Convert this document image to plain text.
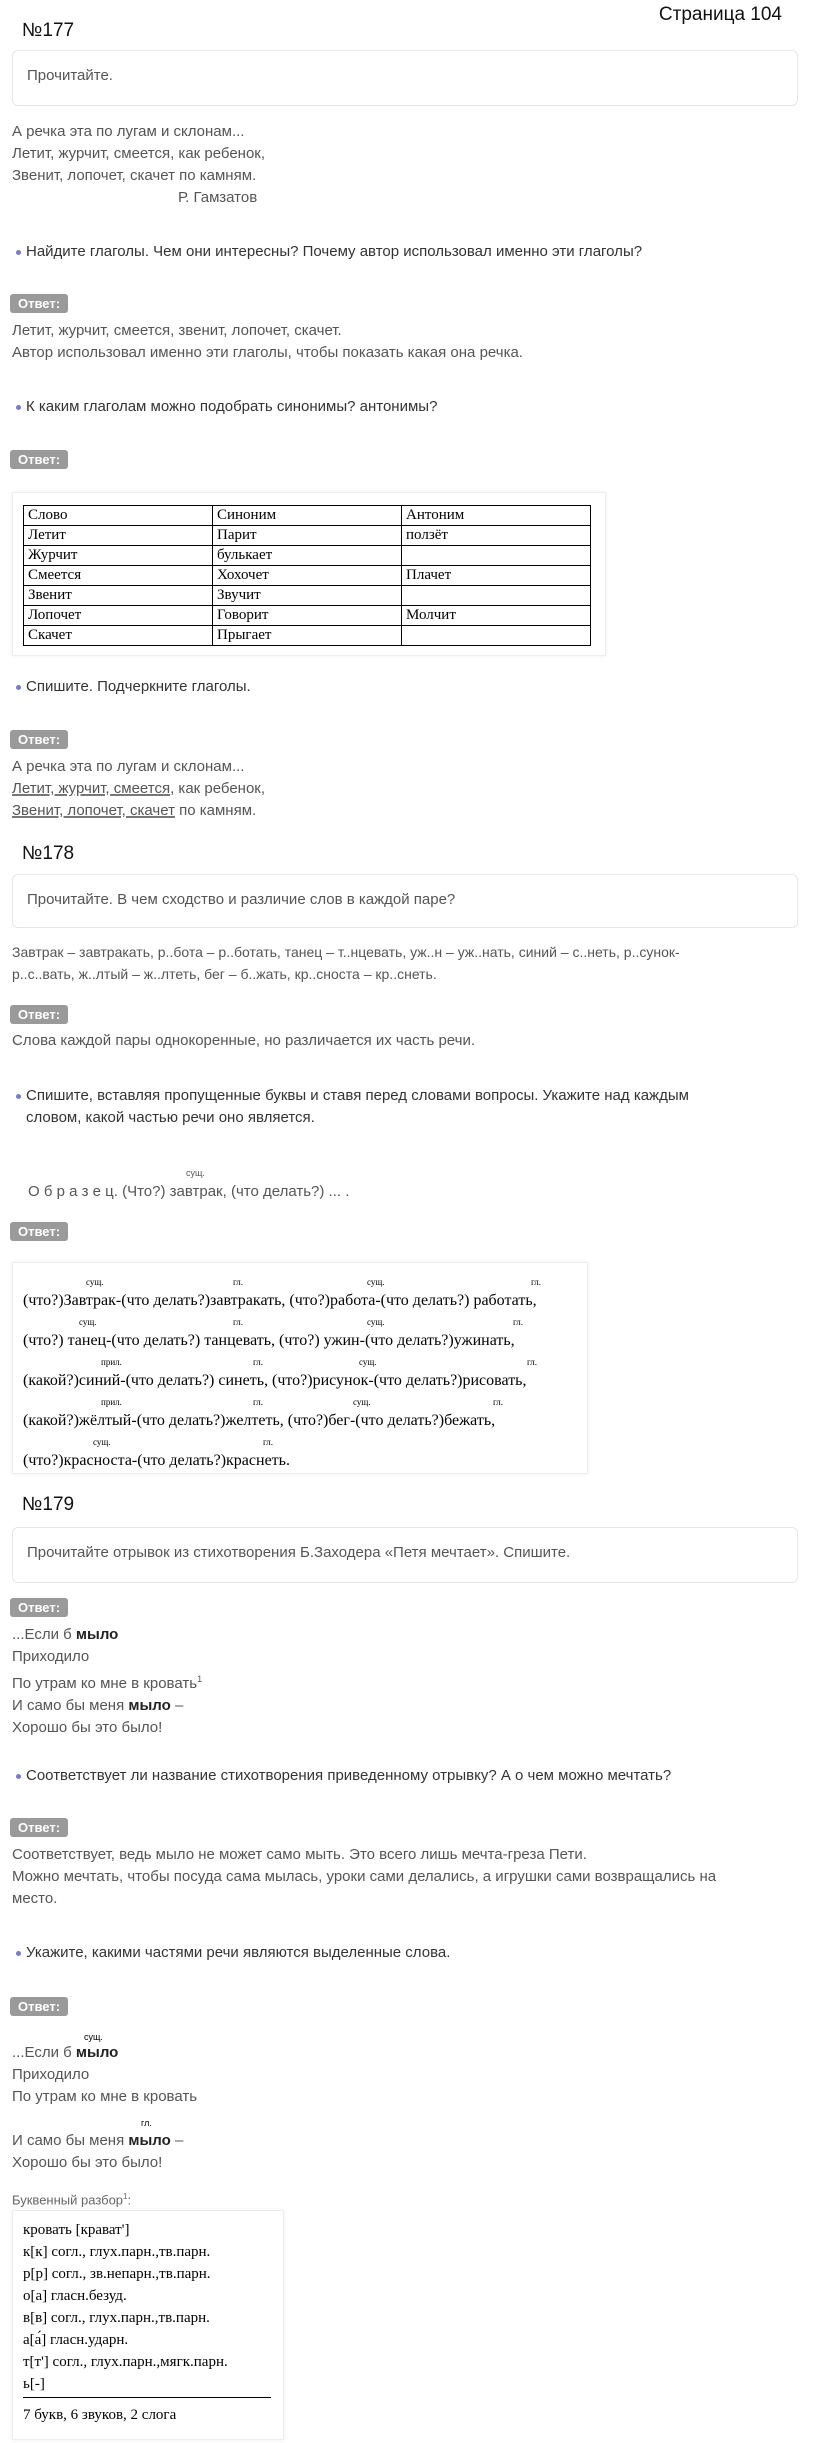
Страница 104
№177
Прочитайте.
А речка эта по лугам и склонам...
Летит, журчит, смеется, как ребенок,
Звенит, лопочет, скачет по камням.
Р. Гамзатов
Найдите глаголы. Чем они интересны? Почему автор использовал именно эти глаголы?
Ответ:
Летит, журчит, смеется, звенит, лопочет, скачет.
Автор использовал именно эти глаголы, чтобы показать какая она речка.
К каким глаголам можно подобрать синонимы? антонимы?
Ответ:
Слово	Синоним	Антоним
Летит	Парит	ползёт
Журчит	булькает	
Смеется	Хохочет	Плачет
Звенит	Звучит	
Лопочет	Говорит	Молчит
Скачет	Прыгает	
Спишите. Подчеркните глаголы.
Ответ:
А речка эта по лугам и склонам...
Летит, журчит, смеется, как ребенок,
Звенит, лопочет, скачет по камням.
№178
Прочитайте. В чем сходство и различие слов в каждой паре?
Завтрак – завтракать, р..бота – р..ботать, танец – т..нцевать, уж..н – уж..нать, синий – с..неть, р..сунок-
р..с..вать, ж..лтый – ж..лтеть, бег – б..жать, кр..сноста – кр..снеть.
Ответ:
Слова каждой пары однокоренные, но различается их часть речи.
Спишите, вставляя пропущенные буквы и ставя перед словами вопросы. Укажите над каждым
словом, какой частью речи оно является.
сущ.
О б р а з е ц. (Что?) завтрак, (что делать?) ... .
Ответ:
(что?)Завтрак-(что делать?)завтракать, (что?)работа-(что делать?) работать,
(что?) танец-(что делать?) танцевать, (что?) ужин-(что делать?)ужинать,
(какой?)синий-(что делать?) синеть, (что?)рисунок-(что делать?)рисовать,
(какой?)жёлтый-(что делать?)желтеть, (что?)бег-(что делать?)бежать,
(что?)красноста-(что делать?)краснеть.
сущ.	гл.	сущ.	гл.
сущ.	гл.	сущ.	гл.
прил.	гл.	сущ.	гл.
прил.	гл.	сущ.	гл.
сущ.	гл.
№179
Прочитайте отрывок из стихотворения Б.Заходера «Петя мечтает». Спишите.
Ответ:
...Если б мыло
Приходило
По утрам ко мне в кровать$^1$
И само бы меня мыло –
Хорошо бы это было!
Соответствует ли название стихотворения приведенному отрывку? А о чем можно мечтать?
Ответ:
Соответствует, ведь мыло не может само мыть. Это всего лишь мечта-греза Пети.
Можно мечтать, чтобы посуда сама мылась, уроки сами делались, а игрушки сами возвращались на
место.
Укажите, какими частями речи являются выделенные слова.
Ответ:
сущ.
...Если б мыло
Приходило
По утрам ко мне в кровать
гл.
И само бы меня мыло –
Хорошо бы это было!
Буквенный разбор$^1$:
кровать [крават']
к[к] согл., глух.парн.,тв.парн.
р[р] согл., зв.непарн.,тв.парн.
о[а] гласн.безуд.
в[в] согл., глух.парн.,тв.парн.
а[а́] гласн.ударн.
т[т'] согл., глух.парн.,мягк.парн.
ь[-]
7 букв, 6 звуков, 2 слога
